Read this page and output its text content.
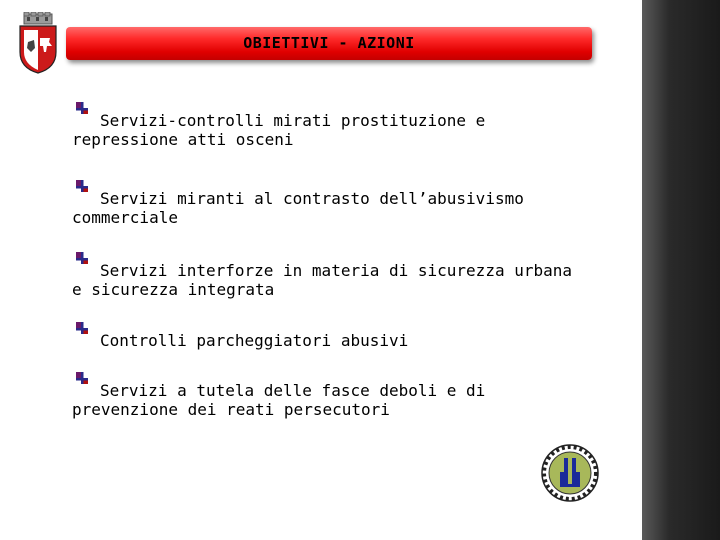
OBIETTIVI - AZIONI

Servizi-controlli mirati prostituzione e repressione atti osceni

Servizi miranti al contrasto dell’abusivismo commerciale

Servizi interforze in materia di sicurezza urbana e sicurezza integrata

Controlli parcheggiatori abusivi

Servizi a tutela delle fasce deboli e di prevenzione dei reati persecutori
